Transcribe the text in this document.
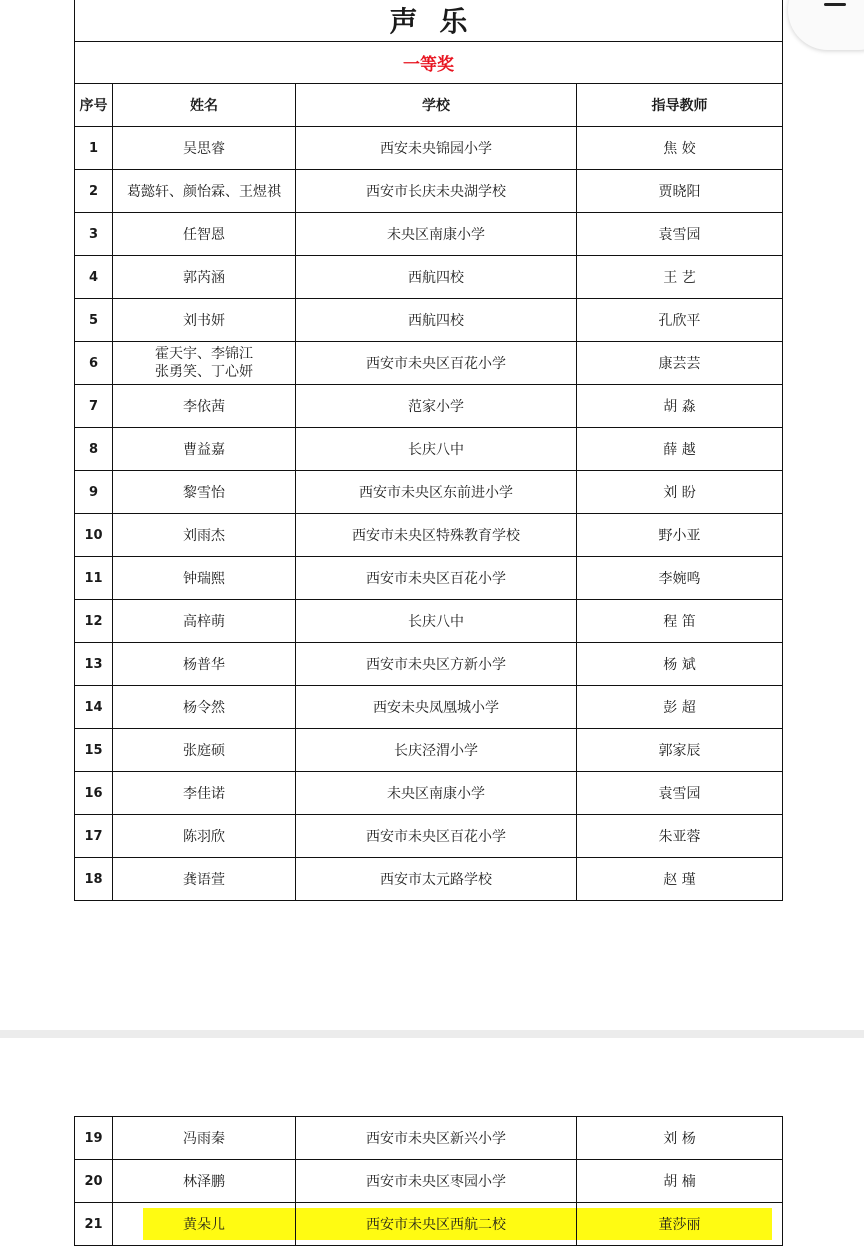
声乐			
一等奖			
序号	姓名	学校	指导教师
1	吴思睿	西安未央锦园小学	焦 姣
2	葛懿轩、颜怡霖、王煜祺	西安市长庆未央湖学校	贾晓阳
3	任智恩	未央区南康小学	袁雪园
4	郭芮涵	西航四校	王 艺
5	刘书妍	西航四校	孔欣平
6	霍天宇、李锦江
张勇笑、丁心妍	西安市未央区百花小学	康芸芸
7	李依茜	范家小学	胡 淼
8	曹益嘉	长庆八中	薛 越
9	黎雪怡	西安市未央区东前进小学	刘 盼
10	刘雨杰	西安市未央区特殊教育学校	野小亚
11	钟瑞熙	西安市未央区百花小学	李婉鸣
12	高梓萌	长庆八中	程 笛
13	杨普华	西安市未央区方新小学	杨 斌
14	杨令然	西安未央凤凰城小学	彭 超
15	张庭硕	长庆泾渭小学	郭家辰
16	李佳诺	未央区南康小学	袁雪园
17	陈羽欣	西安市未央区百花小学	朱亚蓉
18	龚语萱	西安市太元路学校	赵 瑾
19	冯雨秦	西安市未央区新兴小学	刘 杨
20	林泽鹏	西安市未央区枣园小学	胡 楠
21	黄朵儿	西安市未央区西航二校	董莎丽
